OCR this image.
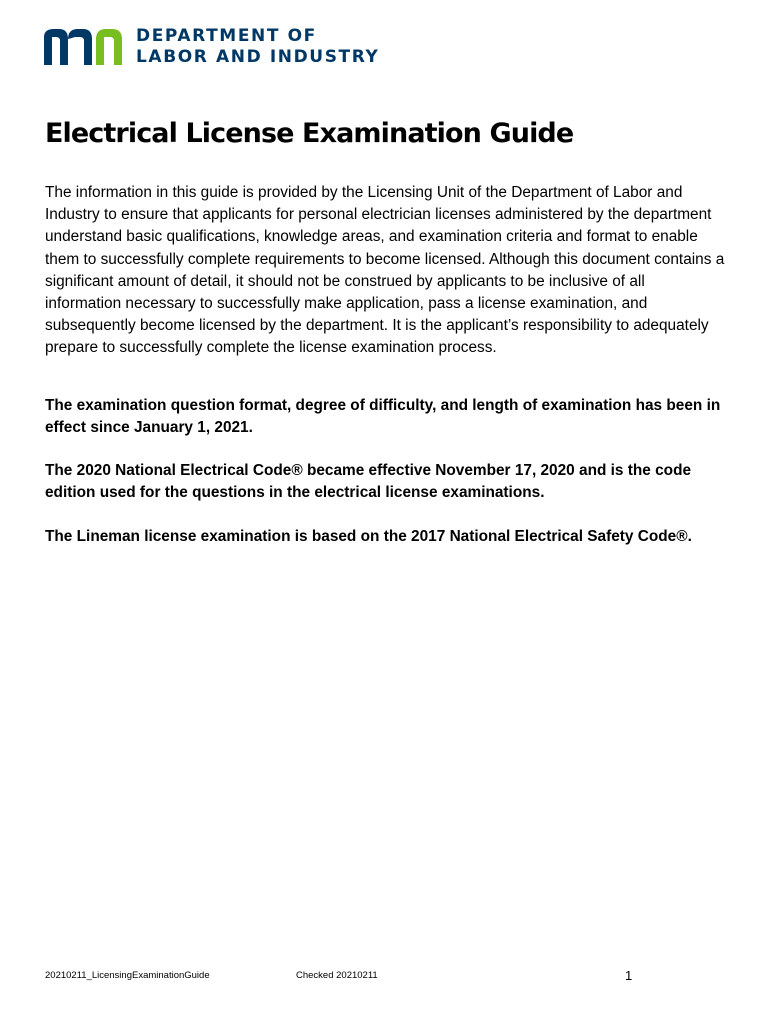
DEPARTMENT OF
LABOR AND INDUSTRY
Electrical License Examination Guide

The information in this guide is provided by the Licensing Unit of the Department of Labor and Industry to ensure that applicants for personal electrician licenses administered by the department understand basic qualifications, knowledge areas, and examination criteria and format to enable them to successfully complete requirements to become licensed. Although this document contains a significant amount of detail, it should not be construed by applicants to be inclusive of all information necessary to successfully make application, pass a license examination, and subsequently become licensed by the department. It is the applicant’s responsibility to adequately prepare to successfully complete the license examination process.

The examination question format, degree of difficulty, and length of examination has been in effect since January 1, 2021.

The 2020 National Electrical Code® became effective November 17, 2020 and is the code edition used for the questions in the electrical license examinations.

The Lineman license examination is based on the 2017 National Electrical Safety Code®.

20210211_LicensingExaminationGuide	Checked 20210211	1
